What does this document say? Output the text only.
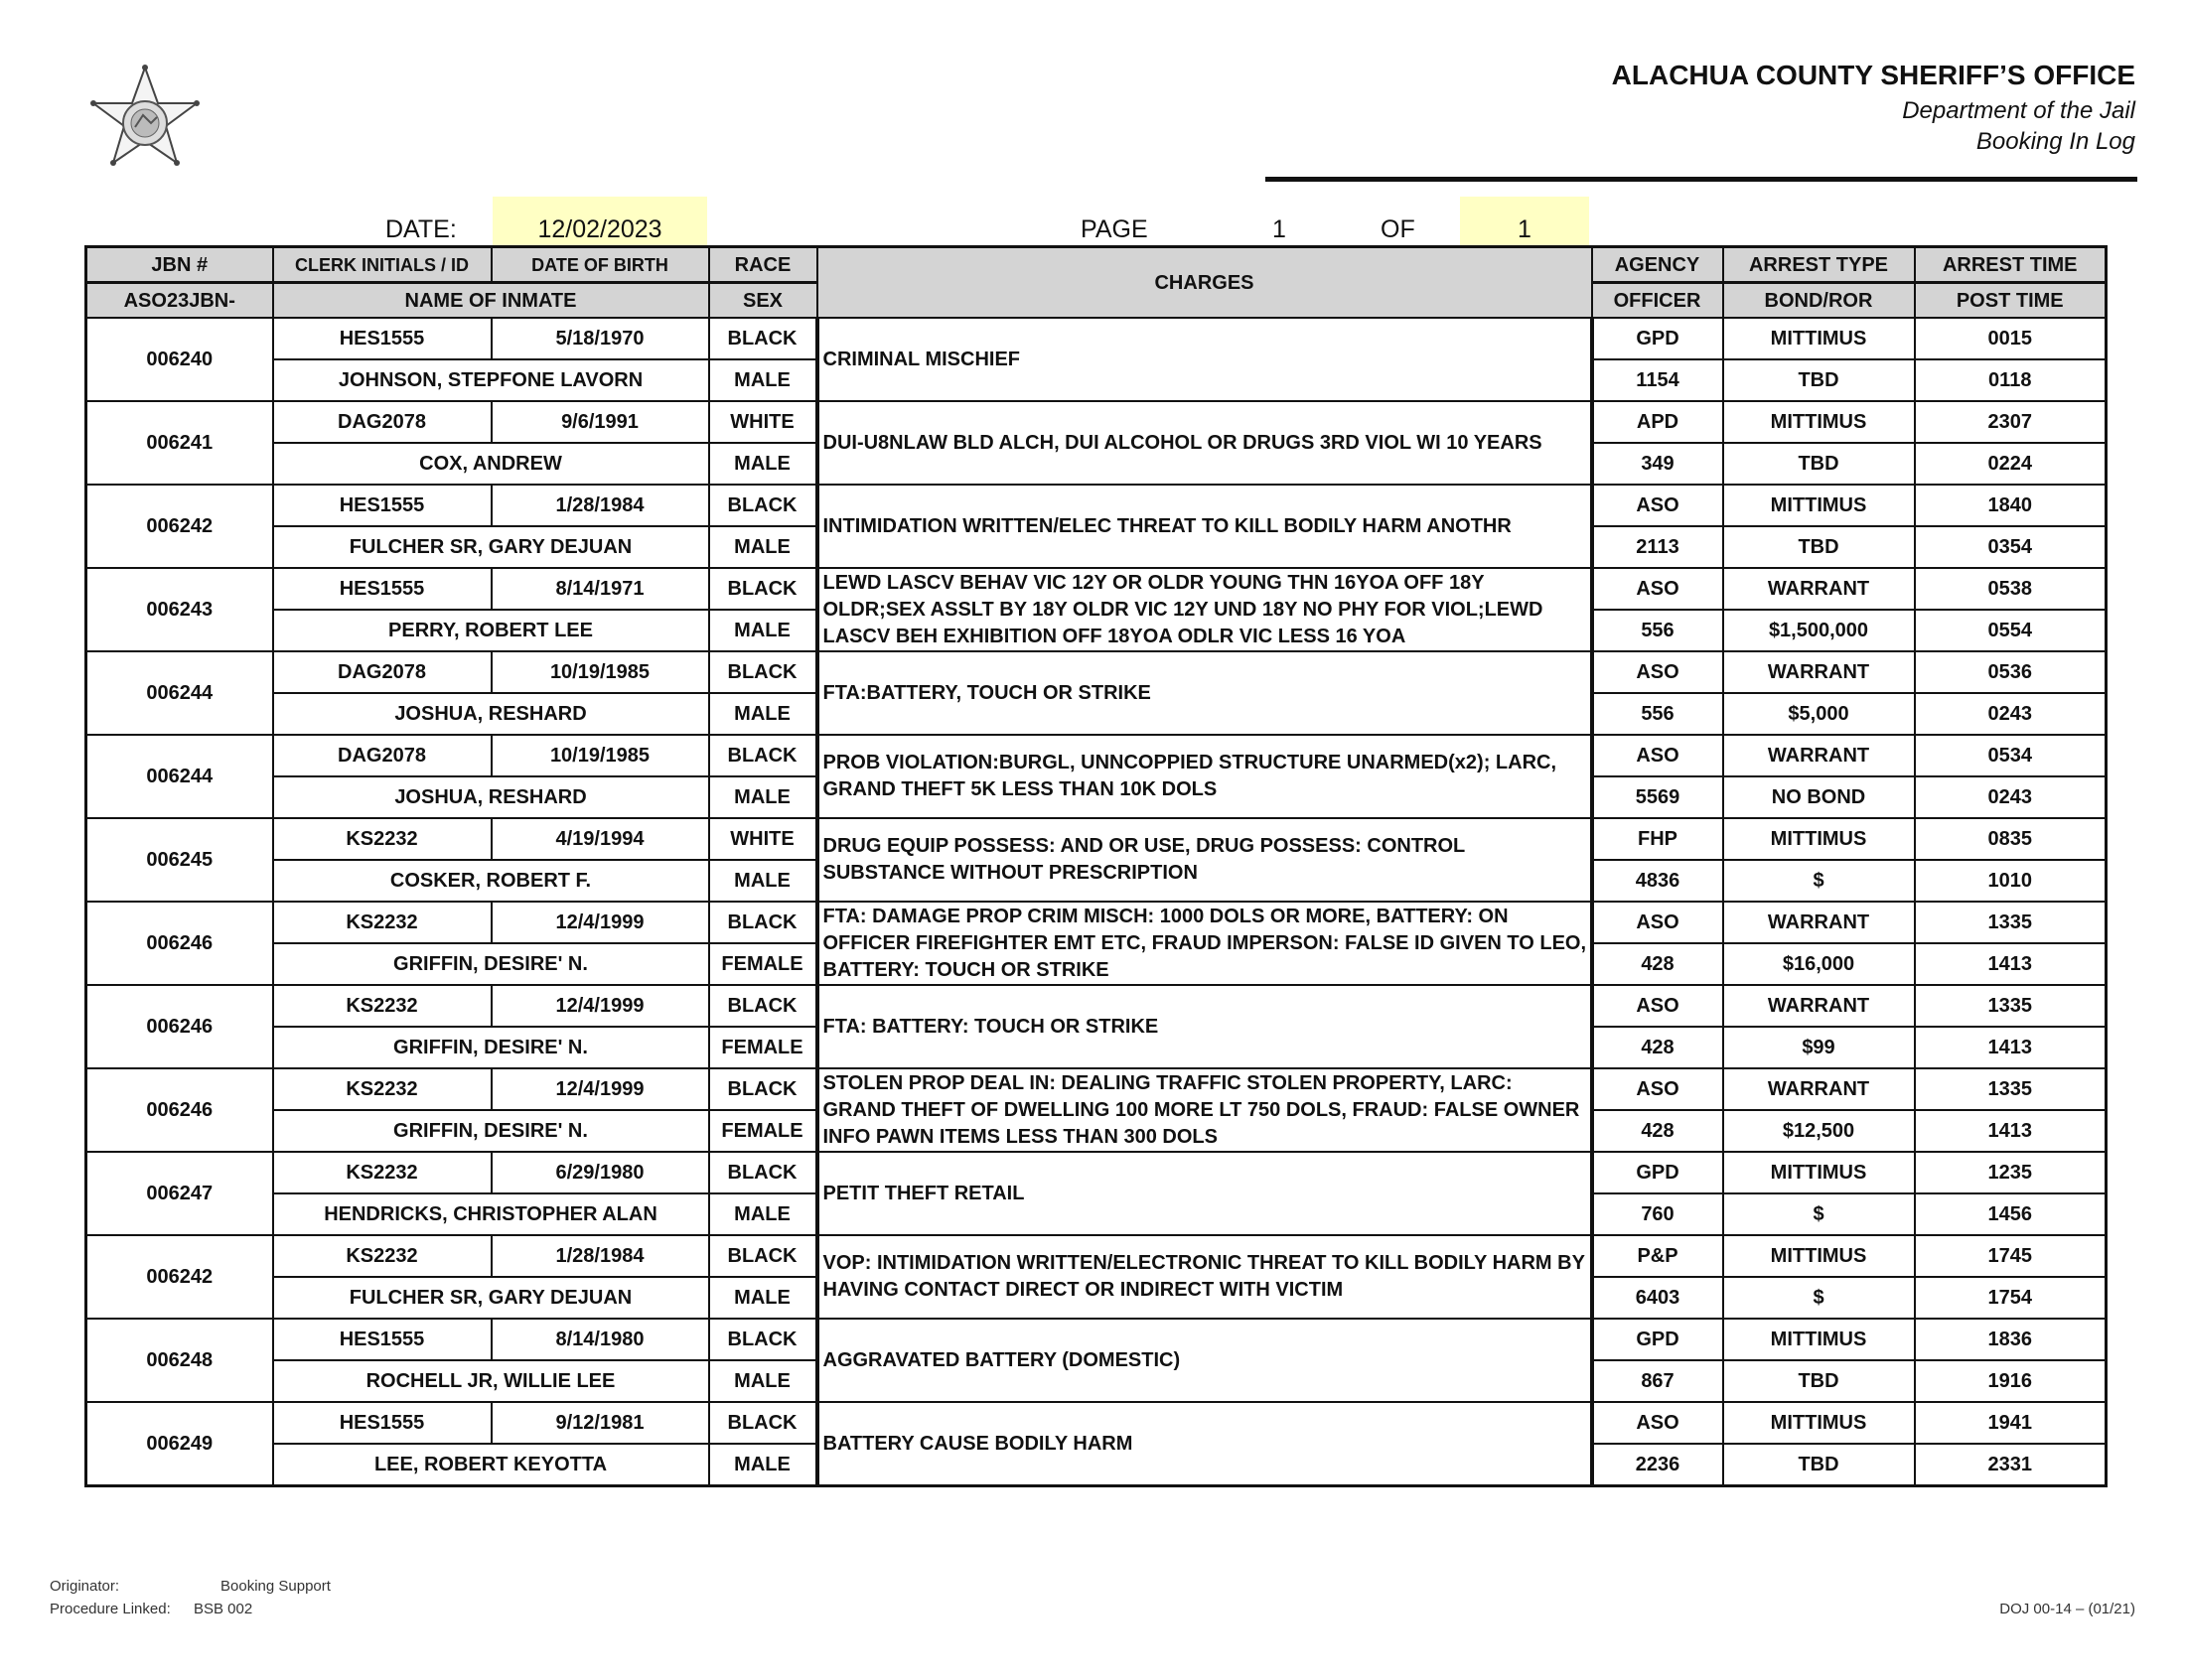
ALACHUA COUNTY SHERIFF’S OFFICE
Department of the Jail
Booking In Log
DATE:	12/02/2023	PAGE	1	OF	1
JBN #	CLERK INITIALS / ID	DATE OF BIRTH	RACE	CHARGES	AGENCY	ARREST TYPE	ARREST TIME
ASO23JBN-	NAME OF INMATE		SEX		OFFICER	BOND/ROR	POST TIME
006240	HES1555	5/18/1970	BLACK	CRIMINAL MISCHIEF	GPD	MITTIMUS	0015
	JOHNSON, STEPFONE LAVORN		MALE		1154	TBD	0118
006241	DAG2078	9/6/1991	WHITE	DUI-U8NLAW BLD ALCH, DUI ALCOHOL OR DRUGS 3RD VIOL WI 10 YEARS	APD	MITTIMUS	2307
	COX, ANDREW		MALE		349	TBD	0224
006242	HES1555	1/28/1984	BLACK	INTIMIDATION WRITTEN/ELEC THREAT TO KILL BODILY HARM ANOTHR	ASO	MITTIMUS	1840
	FULCHER SR, GARY DEJUAN		MALE		2113	TBD	0354
006243	HES1555	8/14/1971	BLACK	LEWD LASCV BEHAV VIC 12Y OR OLDR YOUNG THN 16YOA OFF 18Y OLDR;SEX ASSLT BY 18Y OLDR VIC 12Y UND 18Y NO PHY FOR VIOL;LEWD LASCV BEH EXHIBITION OFF 18YOA ODLR VIC LESS 16 YOA	ASO	WARRANT	0538
	PERRY, ROBERT LEE		MALE		556	$1,500,000	0554
006244	DAG2078	10/19/1985	BLACK	FTA:BATTERY, TOUCH OR STRIKE	ASO	WARRANT	0536
	JOSHUA, RESHARD		MALE		556	$5,000	0243
006244	DAG2078	10/19/1985	BLACK	PROB VIOLATION:BURGL, UNNCOPPIED STRUCTURE UNARMED(x2); LARC, GRAND THEFT 5K LESS THAN 10K DOLS	ASO	WARRANT	0534
	JOSHUA, RESHARD		MALE		5569	NO BOND	0243
006245	KS2232	4/19/1994	WHITE	DRUG EQUIP POSSESS: AND OR USE, DRUG POSSESS: CONTROL SUBSTANCE WITHOUT PRESCRIPTION	FHP	MITTIMUS	0835
	COSKER, ROBERT F.		MALE		4836	$	1010
006246	KS2232	12/4/1999	BLACK	FTA: DAMAGE PROP CRIM MISCH: 1000 DOLS OR MORE, BATTERY: ON OFFICER FIREFIGHTER EMT ETC, FRAUD IMPERSON: FALSE ID GIVEN TO LEO, BATTERY: TOUCH OR STRIKE	ASO	WARRANT	1335
	GRIFFIN, DESIRE' N.		FEMALE		428	$16,000	1413
006246	KS2232	12/4/1999	BLACK	FTA: BATTERY: TOUCH OR STRIKE	ASO	WARRANT	1335
	GRIFFIN, DESIRE' N.		FEMALE		428	$99	1413
006246	KS2232	12/4/1999	BLACK	STOLEN PROP DEAL IN: DEALING TRAFFIC STOLEN PROPERTY, LARC: GRAND THEFT OF DWELLING 100 MORE LT 750 DOLS, FRAUD: FALSE OWNER INFO PAWN ITEMS LESS THAN 300 DOLS	ASO	WARRANT	1335
	GRIFFIN, DESIRE' N.		FEMALE		428	$12,500	1413
006247	KS2232	6/29/1980	BLACK	PETIT THEFT RETAIL	GPD	MITTIMUS	1235
	HENDRICKS, CHRISTOPHER ALAN		MALE		760	$	1456
006242	KS2232	1/28/1984	BLACK	VOP: INTIMIDATION WRITTEN/ELECTRONIC THREAT TO KILL BODILY HARM BY HAVING CONTACT DIRECT OR INDIRECT WITH VICTIM	P&P	MITTIMUS	1745
	FULCHER SR, GARY DEJUAN		MALE		6403	$	1754
006248	HES1555	8/14/1980	BLACK	AGGRAVATED BATTERY (DOMESTIC)	GPD	MITTIMUS	1836
	ROCHELL JR, WILLIE LEE		MALE		867	TBD	1916
006249	HES1555	9/12/1981	BLACK	BATTERY CAUSE BODILY HARM	ASO	MITTIMUS	1941
	LEE, ROBERT KEYOTTA		MALE		2236	TBD	2331
Originator:	Booking Support
Procedure Linked: BSB 002	DOJ 00-14 – (01/21)
